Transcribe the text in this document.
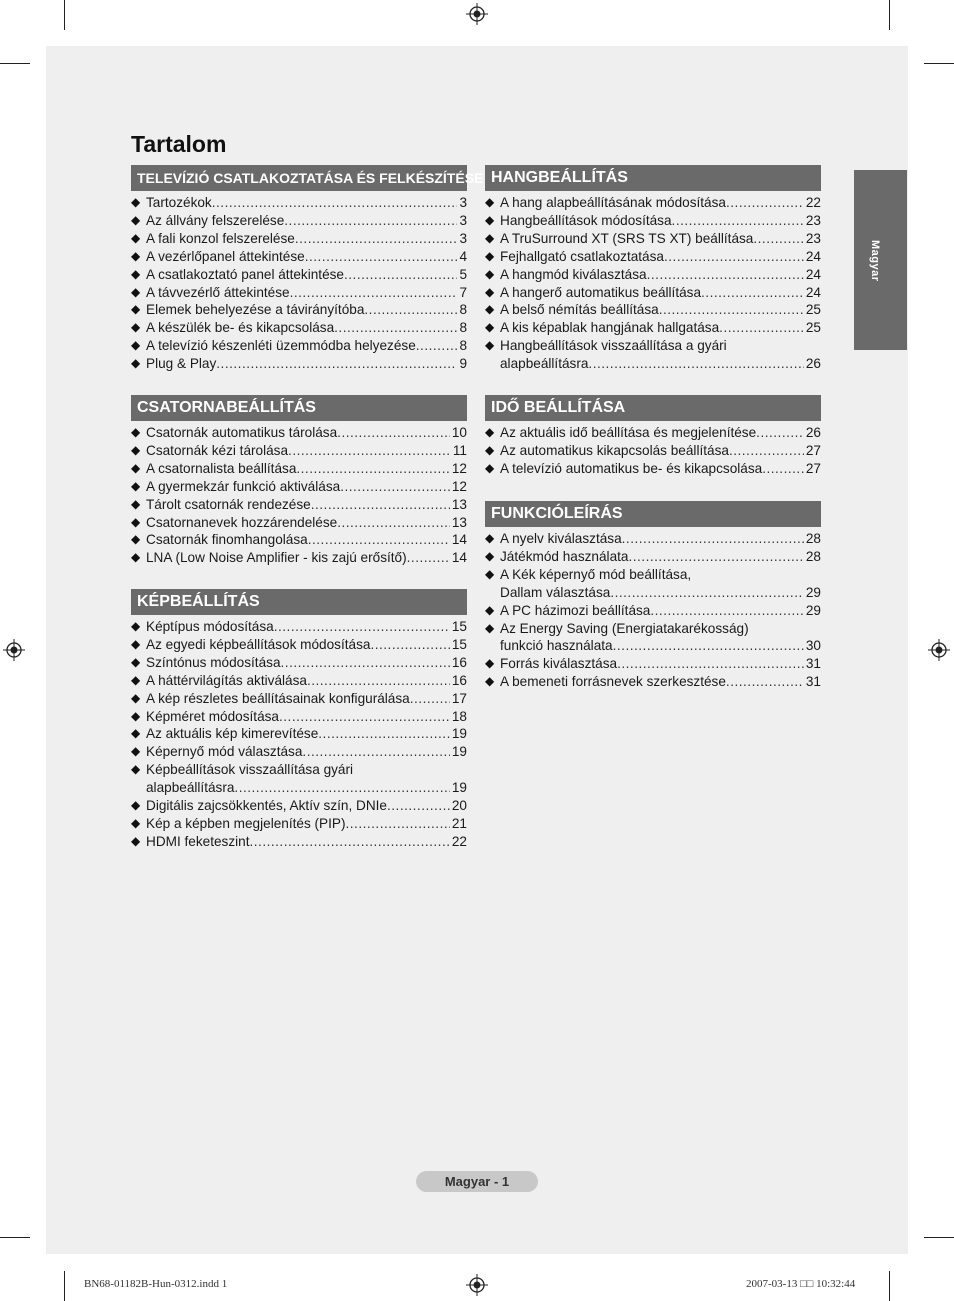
Tartalom
TELEVÍZIÓ CSATLAKOZTATÁSA ÉS FELKÉSZÍTÉSE
◆ Tartozékok .....	3
◆ Az állvány felszerelése .....	3
◆ A fali konzol felszerelése .....	3
◆ A vezérlőpanel áttekintése .....	4
◆ A csatlakoztató panel áttekintése .....	5
◆ A távvezérlő áttekintése .....	7
◆ Elemek behelyezése a távirányítóba .....	8
◆ A készülék be- és kikapcsolása .....	8
◆ A televízió készenléti üzemmódba helyezése .....	8
◆ Plug & Play .....	9
CSATORNABEÁLLÍTÁS
◆ Csatornák automatikus tárolása .....	10
◆ Csatornák kézi tárolása .....	11
◆ A csatornalista beállítása .....	12
◆ A gyermekzár funkció aktiválása .....	12
◆ Tárolt csatornák rendezése .....	13
◆ Csatornanevek hozzárendelése .....	13
◆ Csatornák finomhangolása .....	14
◆ LNA (Low Noise Amplifier - kis zajú erősítő) .....	14
KÉPBEÁLLÍTÁS
◆ Képtípus módosítása .....	15
◆ Az egyedi képbeállítások módosítása .....	15
◆ Színtónus módosítása .....	16
◆ A háttérvilágítás aktiválása .....	16
◆ A kép részletes beállításainak konfigurálása .....	17
◆ Képméret módosítása .....	18
◆ Az aktuális kép kimerevítése .....	19
◆ Képernyő mód választása .....	19
◆ Képbeállítások visszaállítása gyári
alapbeállításra .....	19
◆ Digitális zajcsökkentés, Aktív szín, DNIe .....	20
◆ Kép a képben megjelenítés (PIP) .....	21
◆ HDMI feketeszint .....	22
HANGBEÁLLÍTÁS
◆ A hang alapbeállításának módosítása .....	22
◆ Hangbeállítások módosítása .....	23
◆ A TruSurround XT (SRS TS XT) beállítása .....	23
◆ Fejhallgató csatlakoztatása .....	24
◆ A hangmód kiválasztása .....	24
◆ A hangerő automatikus beállítása .....	24
◆ A belső némítás beállítása .....	25
◆ A kis képablak hangjának hallgatása .....	25
◆ Hangbeállítások visszaállítása a gyári
alapbeállításra .....	26
IDŐ BEÁLLÍTÁSA
◆ Az aktuális idő beállítása és megjelenítése .....	26
◆ Az automatikus kikapcsolás beállítása .....	27
◆ A televízió automatikus be- és kikapcsolása .....	27
FUNKCIÓLEÍRÁS
◆ A nyelv kiválasztása .....	28
◆ Játékmód használata .....	28
◆ A Kék képernyő mód beállítása,
Dallam választása .....	29
◆ A PC házimozi beállítása .....	29
◆ Az Energy Saving (Energiatakarékosság)
funkció használata .....	30
◆ Forrás kiválasztása .....	31
◆ A bemeneti forrásnevek szerkesztése .....	31
Magyar
Magyar - 1
BN68-01182B-Hun-0312.indd 1	2007-03-13 □□ 10:32:44
